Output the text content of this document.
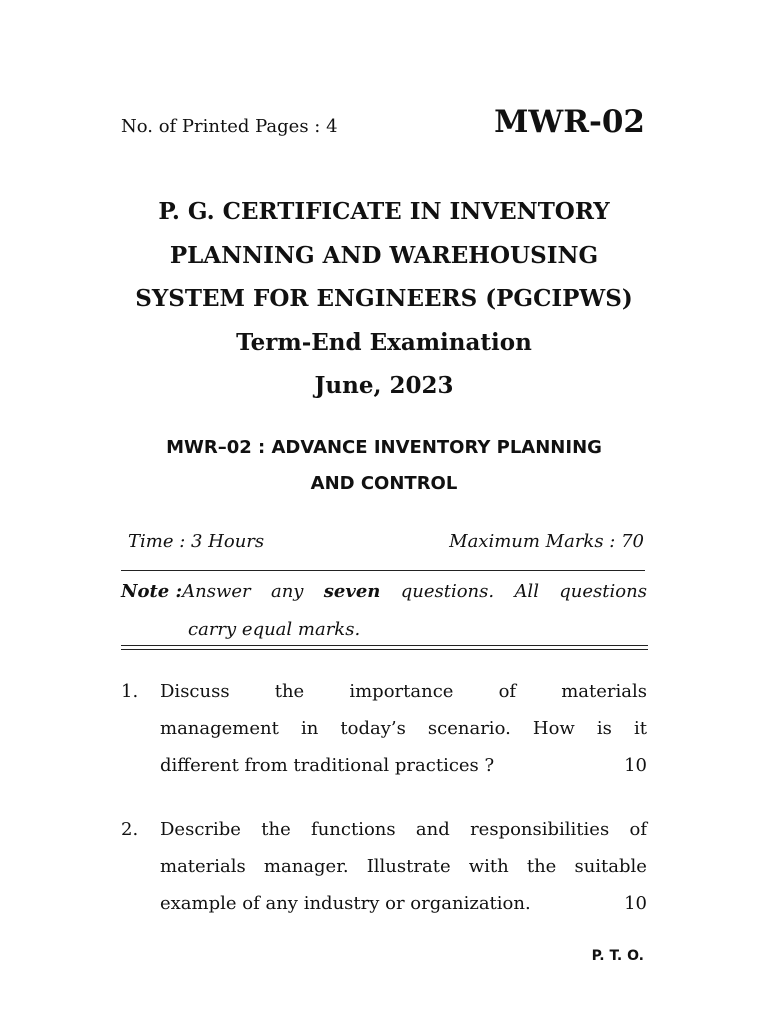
No. of Printed Pages : 4	MWR-02
P. G. CERTIFICATE IN INVENTORY
PLANNING AND WAREHOUSING
SYSTEM FOR ENGINEERS (PGCIPWS)
Term-End Examination
June, 2023
MWR–02 : ADVANCE INVENTORY PLANNING
AND CONTROL
Time : 3 Hours	Maximum Marks : 70
Note :Answer any seven questions. All questions
carry equal marks.
1. Discuss	the	importance	of	materials
management in today’s scenario. How is it
different from traditional practices ?	10
2. Describe the functions and responsibilities of
materials manager. Illustrate with the suitable
example of any industry or organization.	10
P. T. O.
